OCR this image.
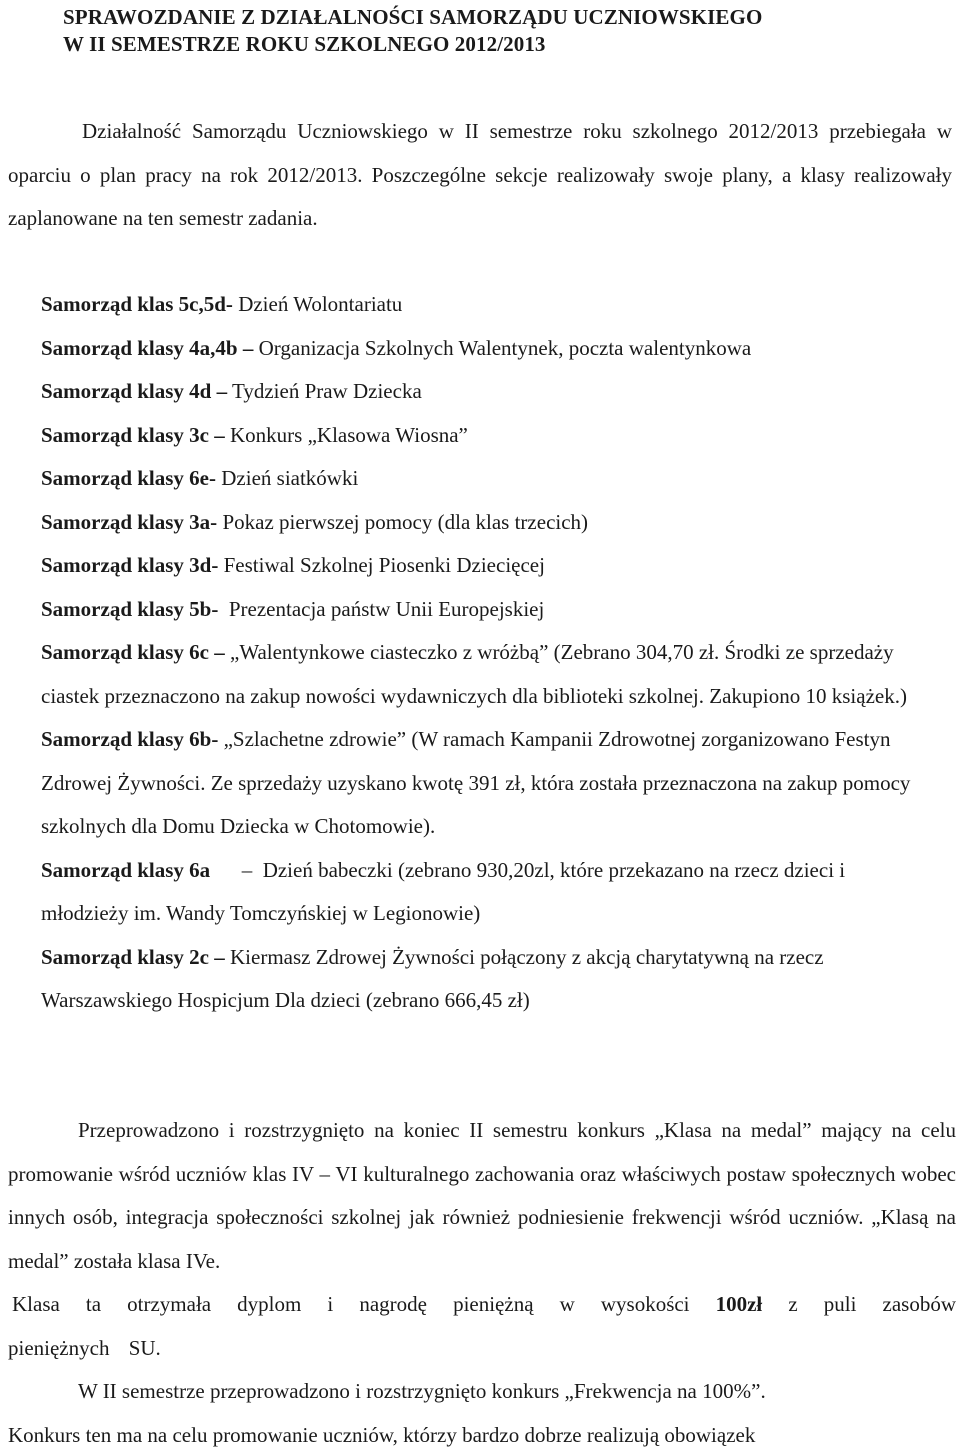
SPRAWOZDANIE Z DZIAŁALNOŚCI SAMORZĄDU UCZNIOWSKIEGO
W II SEMESTRZE ROKU SZKOLNEGO 2012/2013

Działalność Samorządu Uczniowskiego w II semestrze roku szkolnego 2012/2013 przebiegała w oparciu o plan pracy na rok 2012/2013. Poszczególne sekcje realizowały swoje plany, a klasy realizowały zaplanowane na ten semestr zadania.

Samorząd klas 5c,5d- Dzień Wolontariatu

Samorząd klasy 4a,4b – Organizacja Szkolnych Walentynek, poczta walentynkowa

Samorząd klasy 4d – Tydzień Praw Dziecka

Samorząd klasy 3c – Konkurs „Klasowa Wiosna”

Samorząd klasy 6e- Dzień siatkówki

Samorząd klasy 3a- Pokaz pierwszej pomocy (dla klas trzecich)

Samorząd klasy 3d- Festiwal Szkolnej Piosenki Dziecięcej

Samorząd klasy 5b-  Prezentacja państw Unii Europejskiej

Samorząd klasy 6c – „Walentynkowe ciasteczko z wróżbą” (Zebrano 304,70 zł. Środki ze sprzedaży ciastek przeznaczono na zakup nowości wydawniczych dla biblioteki szkolnej. Zakupiono 10 książek.)

Samorząd klasy 6b- „Szlachetne zdrowie” (W ramach Kampanii Zdrowotnej zorganizowano Festyn Zdrowej Żywności. Ze sprzedaży uzyskano kwotę 391 zł, która została przeznaczona na zakup pomocy szkolnych dla Domu Dziecka w Chotomowie).

Samorząd klasy 6a      –  Dzień babeczki (zebrano 930,20zl, które przekazano na rzecz dzieci i młodzieży im. Wandy Tomczyńskiej w Legionowie)

Samorząd klasy 2c – Kiermasz Zdrowej Żywności połączony z akcją charytatywną na rzecz Warszawskiego Hospicjum Dla dzieci (zebrano 666,45 zł)

Przeprowadzono i rozstrzygnięto na koniec II semestru konkurs „Klasa na medal” mający na celu promowanie wśród uczniów klas IV – VI kulturalnego zachowania oraz właściwych postaw społecznych wobec innych osób, integracja społeczności szkolnej jak również podniesienie frekwencji wśród uczniów. „Klasą na medal” została klasa IVe.

Klasa ta otrzymała dyplom i nagrodę pieniężną w wysokości 100zł z puli zasobów pieniężnych SU.

W II semestrze przeprowadzono i rozstrzygnięto konkurs „Frekwencja na 100%”.

Konkurs ten ma na celu promowanie uczniów, którzy bardzo dobrze realizują obowiązek
